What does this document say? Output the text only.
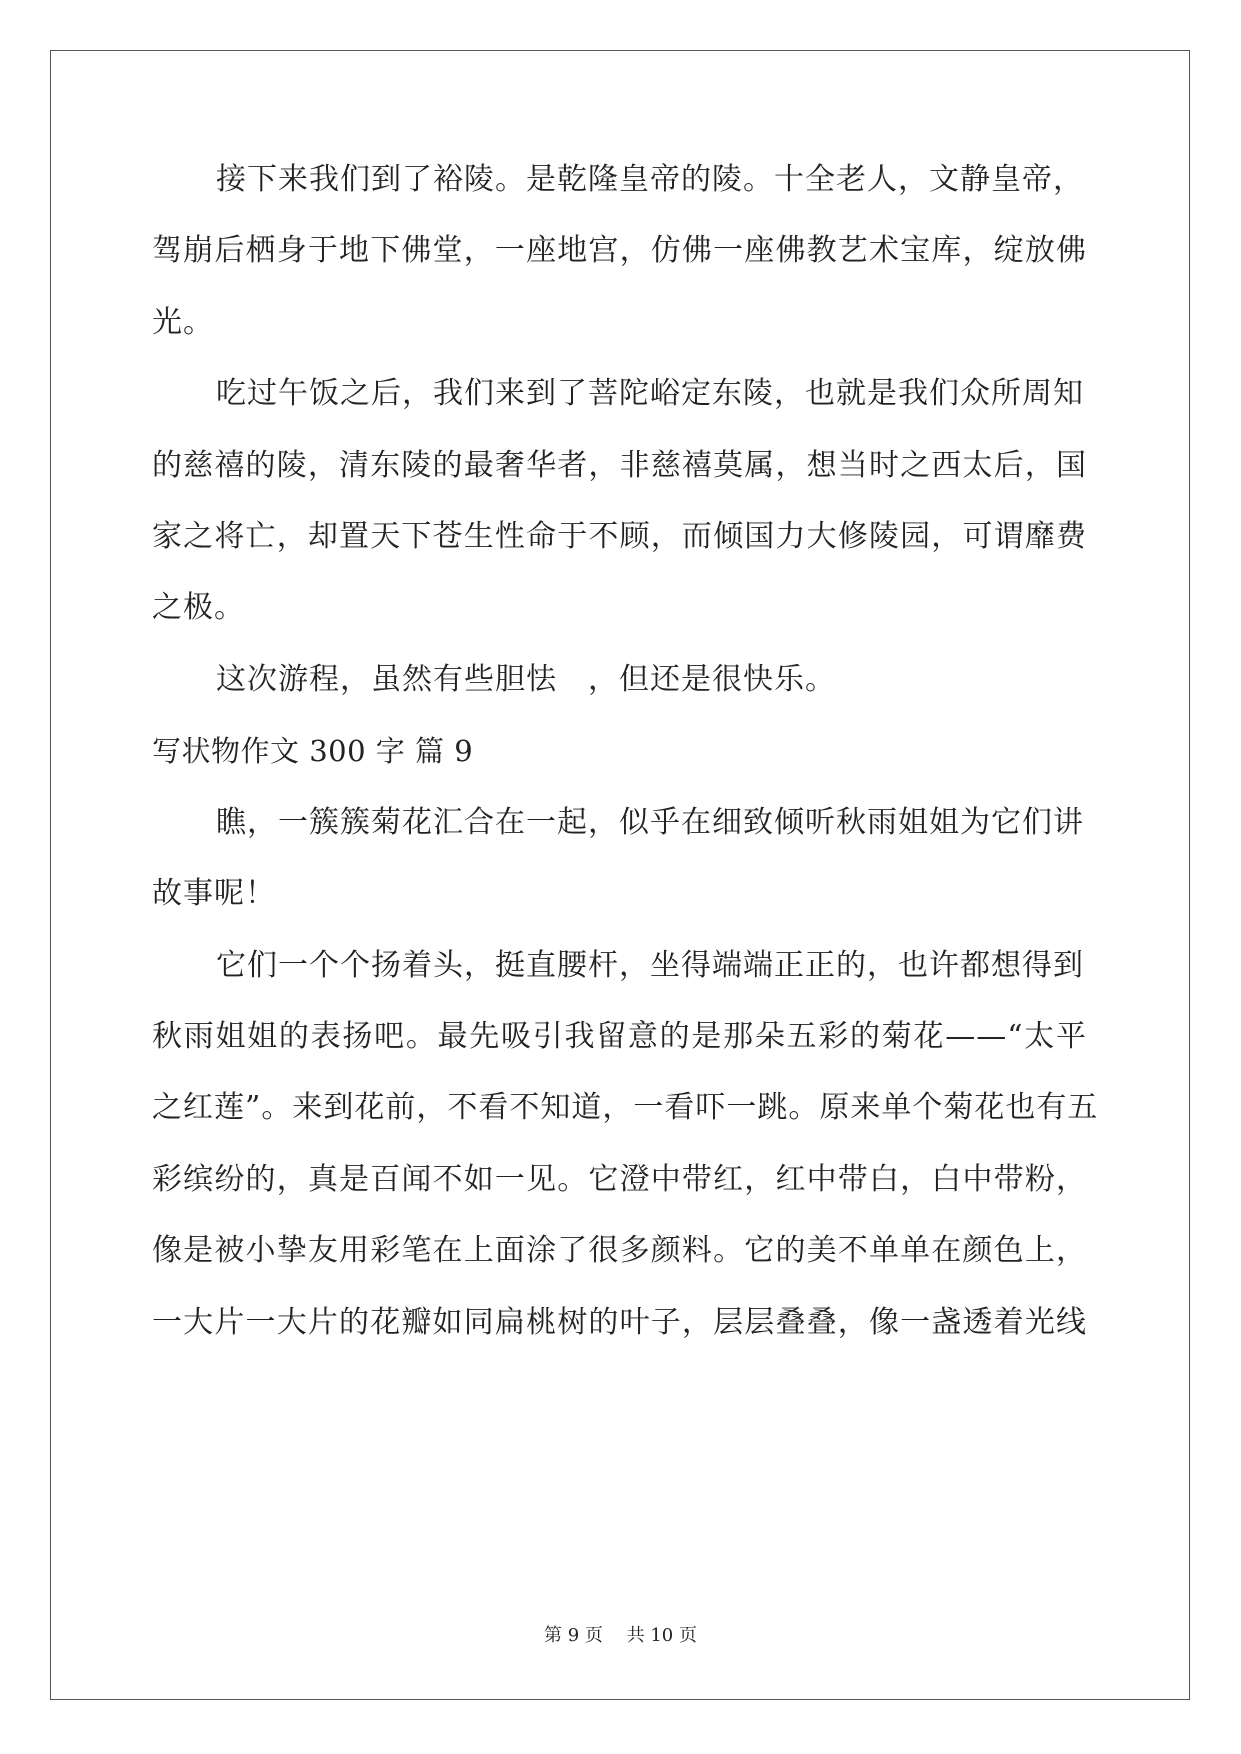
接下来我们到了裕陵。是乾隆皇帝的陵。十全老人，文静皇帝，
驾崩后栖身于地下佛堂，一座地宫，仿佛一座佛教艺术宝库，绽放佛
光。
吃过午饭之后，我们来到了菩陀峪定东陵，也就是我们众所周知
的慈禧的陵，清东陵的最奢华者，非慈禧莫属，想当时之西太后，国
家之将亡，却置天下苍生性命于不顾，而倾国力大修陵园，可谓靡费
之极。
这次游程，虽然有些胆怯　，但还是很快乐。
写状物作文 300 字 篇 9
瞧，一簇簇菊花汇合在一起，似乎在细致倾听秋雨姐姐为它们讲
故事呢！
它们一个个扬着头，挺直腰杆，坐得端端正正的，也许都想得到
秋雨姐姐的表扬吧。最先吸引我留意的是那朵五彩的菊花——“太平
之红莲”。来到花前，不看不知道，一看吓一跳。原来单个菊花也有五
彩缤纷的，真是百闻不如一见。它澄中带红，红中带白，白中带粉，
像是被小挚友用彩笔在上面涂了很多颜料。它的美不单单在颜色上，
一大片一大片的花瓣如同扁桃树的叶子，层层叠叠，像一盏透着光线
第 9 页　 共 10 页
